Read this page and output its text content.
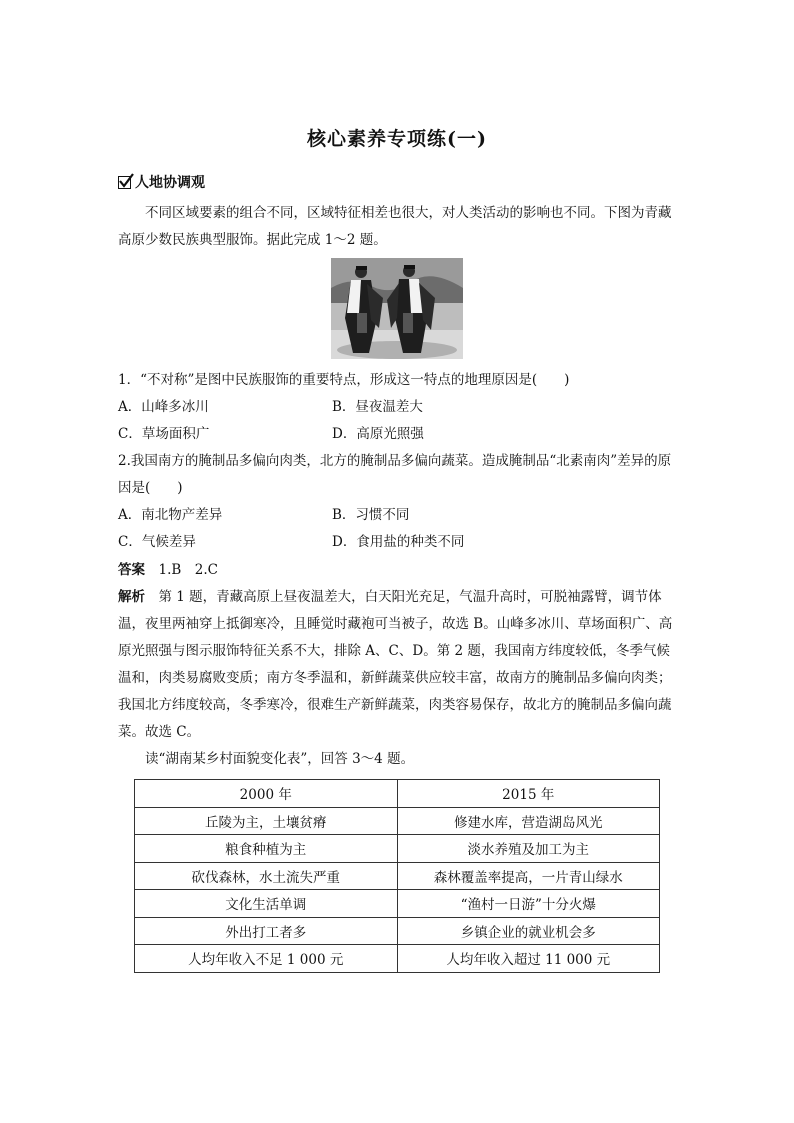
核心素养专项练(一)
人地协调观
不同区域要素的组合不同，区域特征相差也很大，对人类活动的影响也不同。下图为青藏高原少数民族典型服饰。据此完成 1～2 题。
1．“不对称”是图中民族服饰的重要特点，形成这一特点的地理原因是(　　)
A．山峰多冰川	B．昼夜温差大
C．草场面积广	D．高原光照强
2.我国南方的腌制品多偏向肉类，北方的腌制品多偏向蔬菜。造成腌制品“北素南肉”差异的原因是(　　)
A．南北物产差异	B．习惯不同
C．气候差异	D．食用盐的种类不同
答案　1.B　2.C
解析　第 1 题，青藏高原上昼夜温差大，白天阳光充足，气温升高时，可脱袖露臂，调节体温，夜里两袖穿上抵御寒冷，且睡觉时藏袍可当被子，故选 B。山峰多冰川、草场面积广、高原光照强与图示服饰特征关系不大，排除 A、C、D。第 2 题，我国南方纬度较低，冬季气候温和，肉类易腐败变质；南方冬季温和，新鲜蔬菜供应较丰富，故南方的腌制品多偏向肉类；我国北方纬度较高，冬季寒冷，很难生产新鲜蔬菜，肉类容易保存，故北方的腌制品多偏向蔬菜。故选 C。
读“湖南某乡村面貌变化表”，回答 3～4 题。
2000 年	2015 年
丘陵为主，土壤贫瘠	修建水库，营造湖岛风光
粮食种植为主	淡水养殖及加工为主
砍伐森林，水土流失严重	森林覆盖率提高，一片青山绿水
文化生活单调	“渔村一日游”十分火爆
外出打工者多	乡镇企业的就业机会多
人均年收入不足 1 000 元	人均年收入超过 11 000 元
